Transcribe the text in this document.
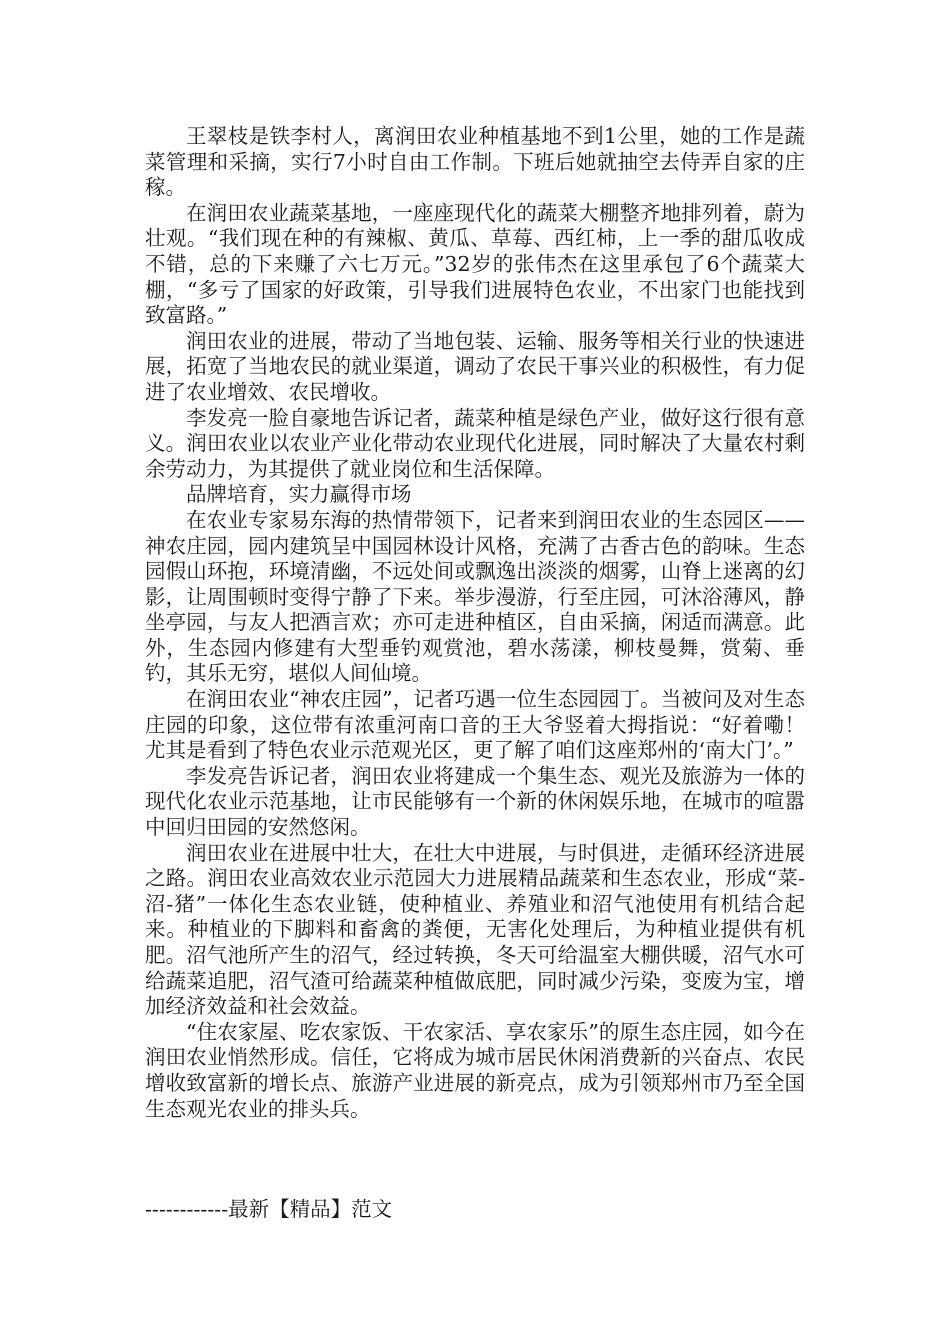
王翠枝是铁李村人，离润田农业种植基地不到1公里，她的工作是蔬菜管理和采摘，实行7小时自由工作制。下班后她就抽空去侍弄自家的庄稼。

在润田农业蔬菜基地，一座座现代化的蔬菜大棚整齐地排列着，蔚为壮观。“我们现在种的有辣椒、黄瓜、草莓、西红柿，上一季的甜瓜收成不错，总的下来赚了六七万元。”32岁的张伟杰在这里承包了6个蔬菜大棚，“多亏了国家的好政策，引导我们进展特色农业，不出家门也能找到致富路。”

润田农业的进展，带动了当地包装、运输、服务等相关行业的快速进展，拓宽了当地农民的就业渠道，调动了农民干事兴业的积极性，有力促进了农业增效、农民增收。

李发亮一脸自豪地告诉记者，蔬菜种植是绿色产业，做好这行很有意义。润田农业以农业产业化带动农业现代化进展，同时解决了大量农村剩余劳动力，为其提供了就业岗位和生活保障。

品牌培育，实力赢得市场

在农业专家易东海的热情带领下，记者来到润田农业的生态园区——神农庄园，园内建筑呈中国园林设计风格，充满了古香古色的韵味。生态园假山环抱，环境清幽，不远处间或飘逸出淡淡的烟雾，山脊上迷离的幻影，让周围顿时变得宁静了下来。举步漫游，行至庄园，可沐浴薄风，静坐亭园，与友人把酒言欢；亦可走进种植区，自由采摘，闲适而满意。此外，生态园内修建有大型垂钓观赏池，碧水荡漾，柳枝曼舞，赏菊、垂钓，其乐无穷，堪似人间仙境。

在润田农业“神农庄园”，记者巧遇一位生态园园丁。当被问及对生态庄园的印象，这位带有浓重河南口音的王大爷竖着大拇指说：“好着嘞！尤其是看到了特色农业示范观光区，更了解了咱们这座郑州的‘南大门’。”

李发亮告诉记者，润田农业将建成一个集生态、观光及旅游为一体的现代化农业示范基地，让市民能够有一个新的休闲娱乐地，在城市的喧嚣中回归田园的安然悠闲。

润田农业在进展中壮大，在壮大中进展，与时俱进，走循环经济进展之路。润田农业高效农业示范园大力进展精品蔬菜和生态农业，形成“菜-沼-猪”一体化生态农业链，使种植业、养殖业和沼气池使用有机结合起来。种植业的下脚料和畜禽的粪便，无害化处理后，为种植业提供有机肥。沼气池所产生的沼气，经过转换，冬天可给温室大棚供暖，沼气水可给蔬菜追肥，沼气渣可给蔬菜种植做底肥，同时减少污染，变废为宝，增加经济效益和社会效益。

“住农家屋、吃农家饭、干农家活、享农家乐”的原生态庄园，如今在润田农业悄然形成。信任，它将成为城市居民休闲消费新的兴奋点、农民增收致富新的增长点、旅游产业进展的新亮点，成为引领郑州市乃至全国生态观光农业的排头兵。

------------最新【精品】范文
